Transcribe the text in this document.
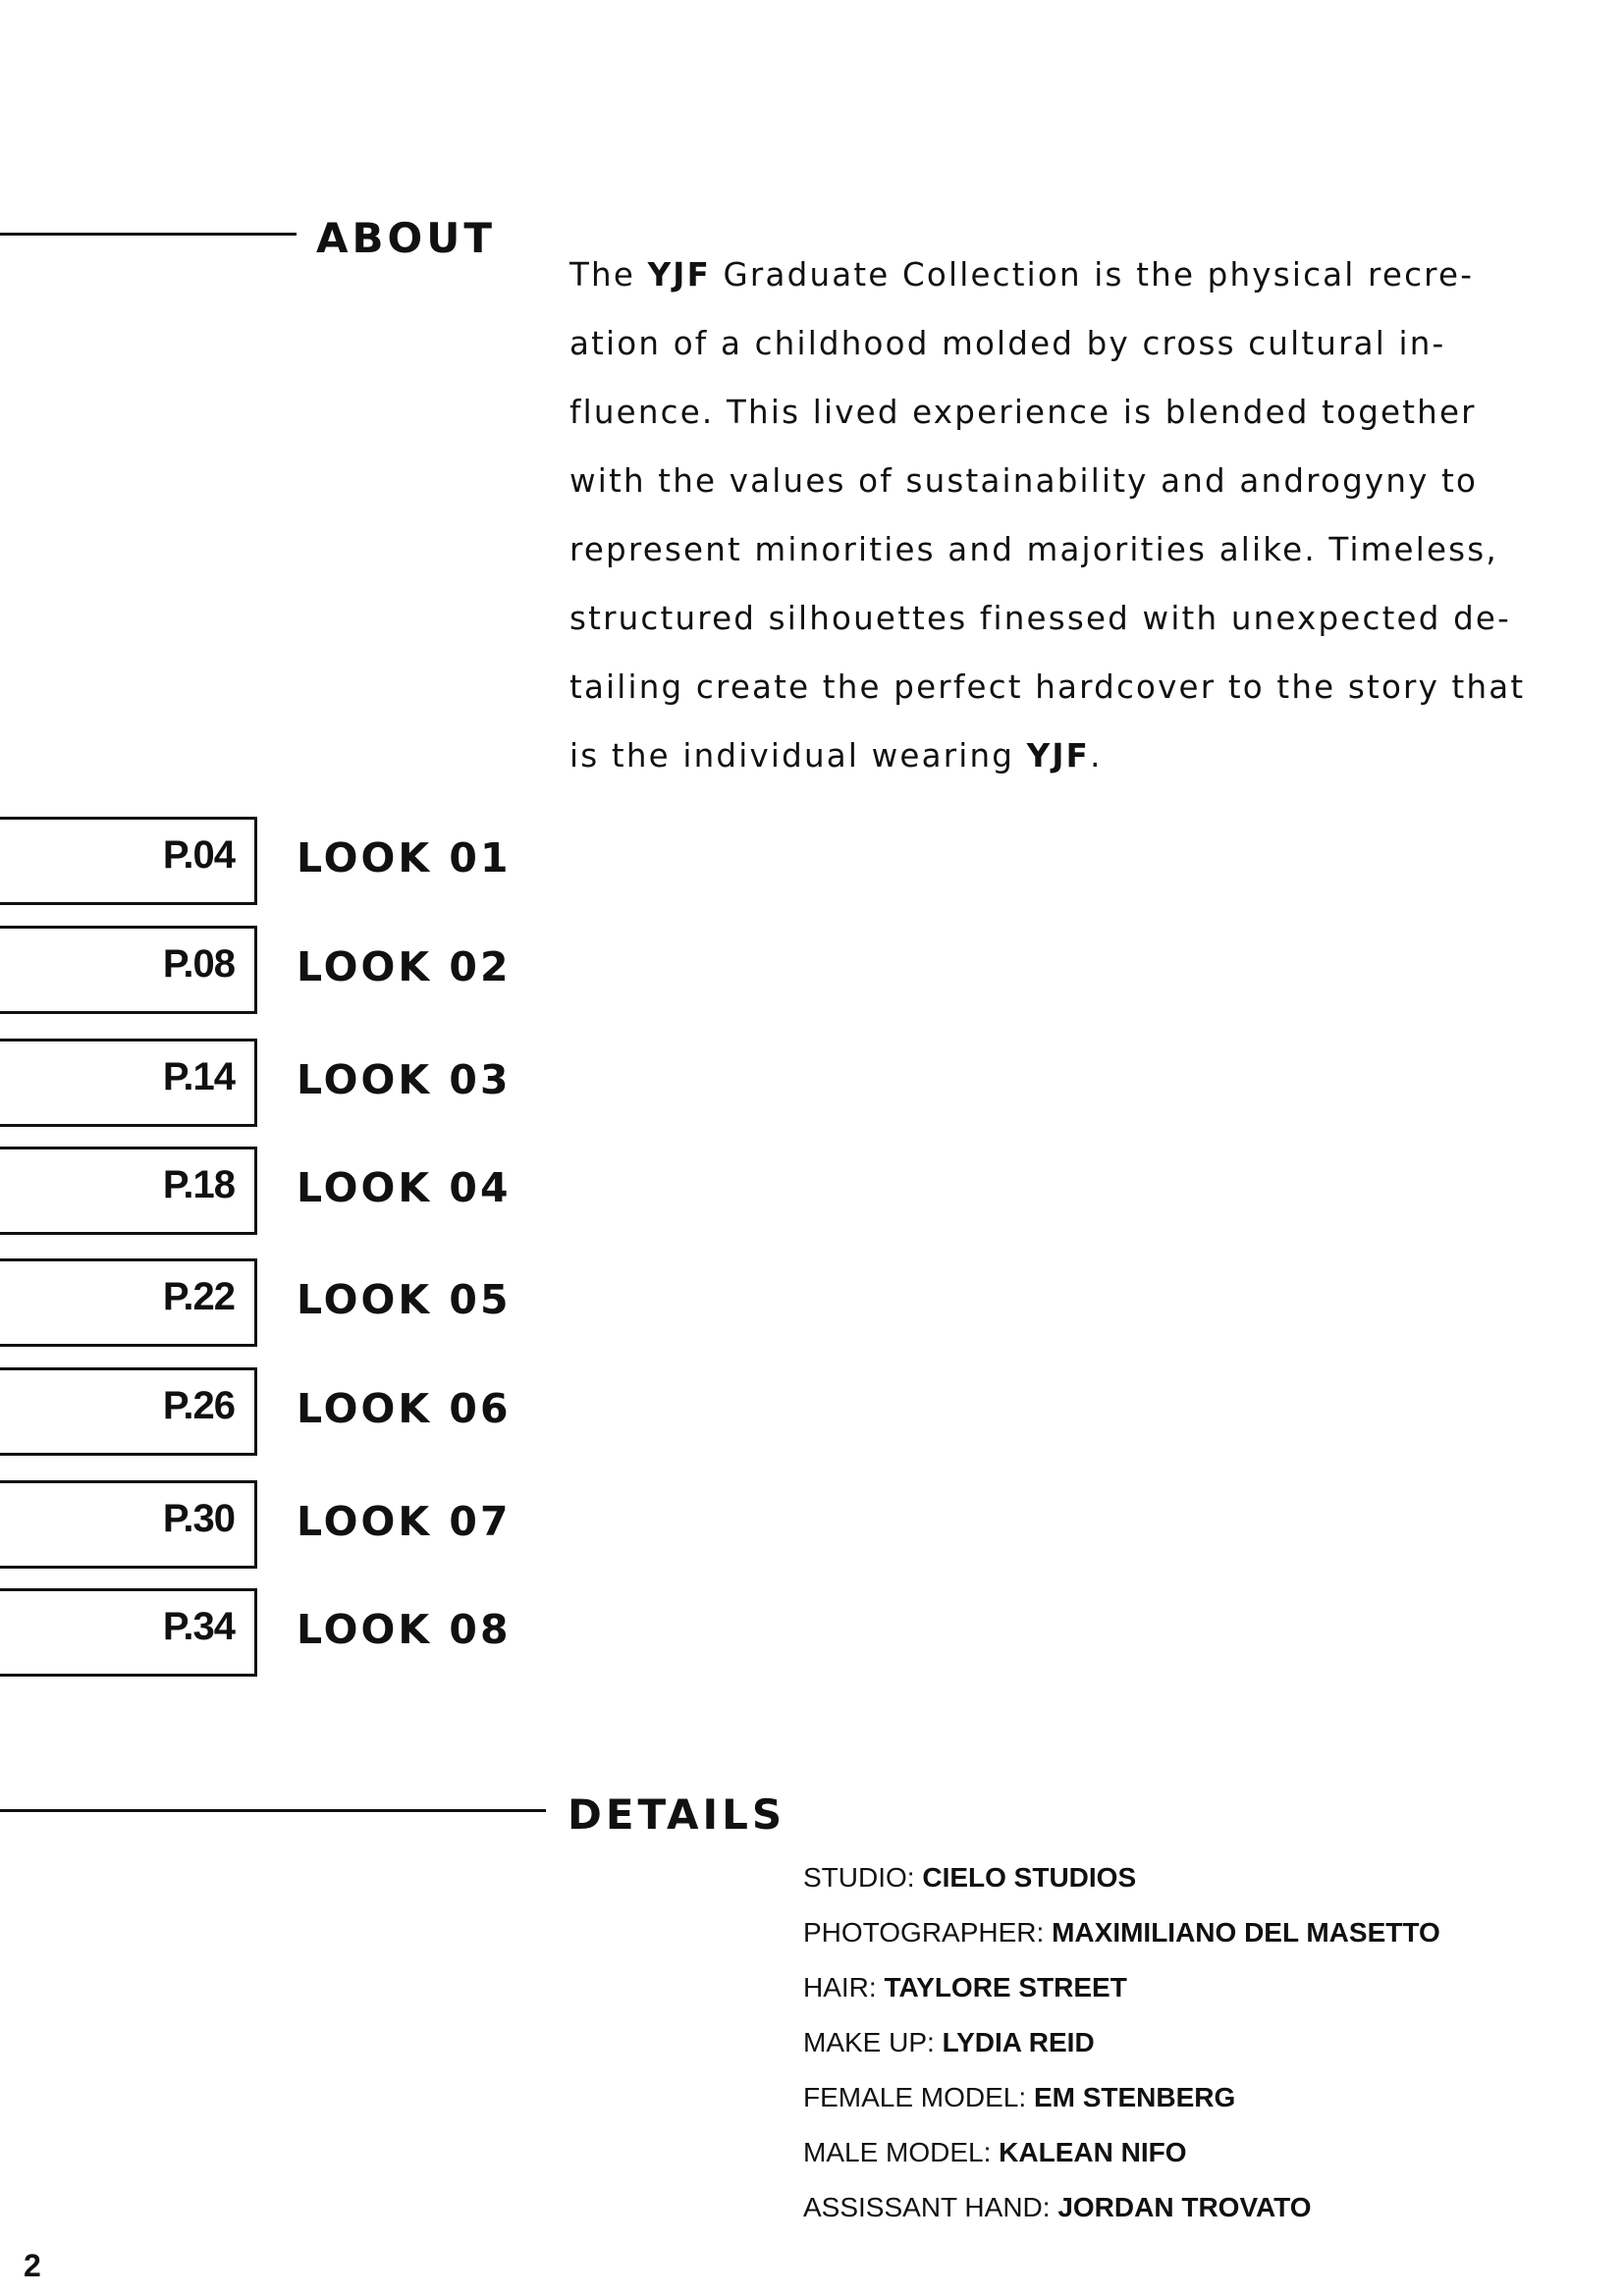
ABOUT
The YJF Graduate Collection is the physical recre-
ation of a childhood molded by cross cultural in-
fluence. This lived experience is blended together
with the values of sustainability and androgyny to
represent minorities and majorities alike. Timeless,
structured silhouettes finessed with unexpected de-
tailing create the perfect hardcover to the story that
is the individual wearing YJF.
P.04 LOOK 01
P.08 LOOK 02
P.14 LOOK 03
P.18 LOOK 04
P.22 LOOK 05
P.26 LOOK 06
P.30 LOOK 07
P.34 LOOK 08
DETAILS
STUDIO: CIELO STUDIOS
PHOTOGRAPHER: MAXIMILIANO DEL MASETTO
HAIR: TAYLORE STREET
MAKE UP: LYDIA REID
FEMALE MODEL: EM STENBERG
MALE MODEL: KALEAN NIFO
ASSISSANT HAND: JORDAN TROVATO
2
